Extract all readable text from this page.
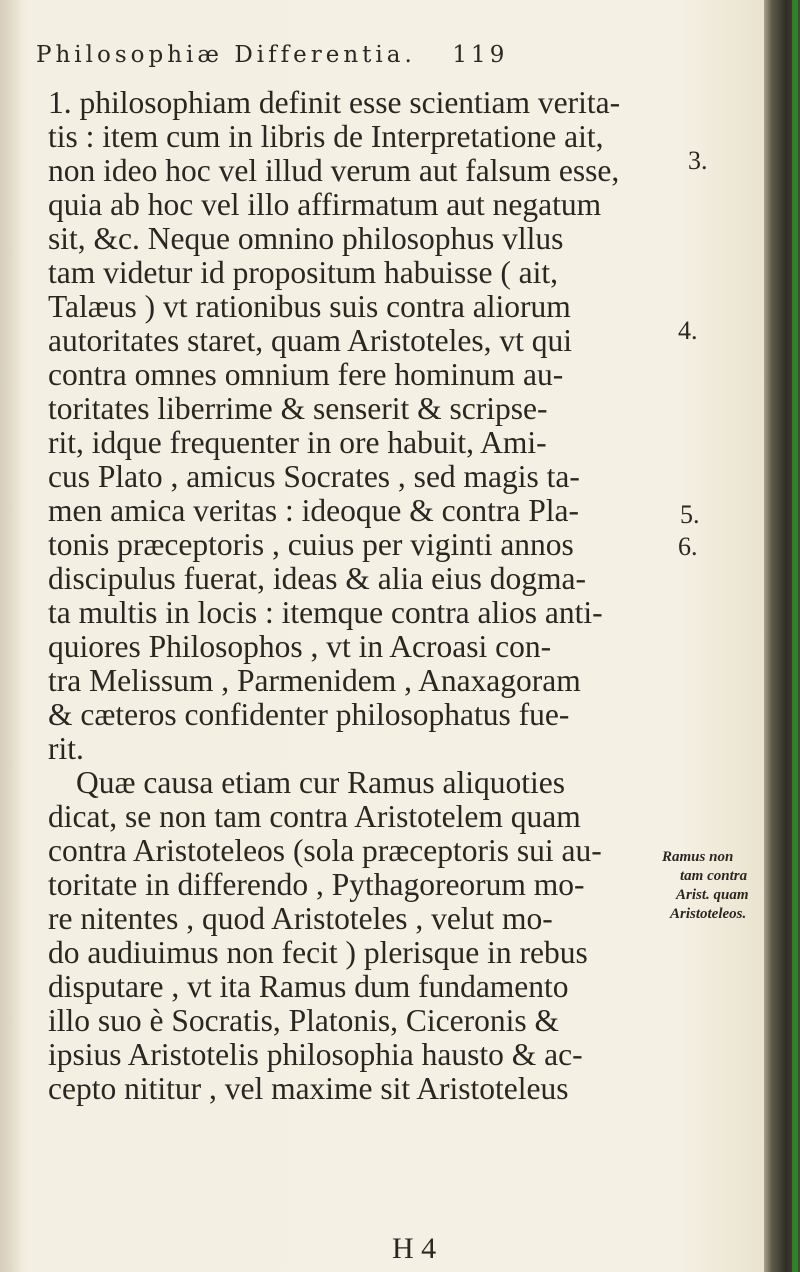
Philosophiæ Differentia. 119
1. philosophiam definit esse scientiam verita-
tis : item cum in libris de Interpretatione ait,
non ideo hoc vel illud verum aut falsum esse,
quia ab hoc vel illo affirmatum aut negatum
sit, &c. Neque omnino philosophus vllus
tam videtur id propositum habuisse ( ait,
Talæus ) vt rationibus suis contra aliorum
autoritates staret, quam Aristoteles, vt qui
contra omnes omnium fere hominum au-
toritates liberrime & senserit & scripse-
rit, idque frequenter in ore habuit, Ami-
cus Plato , amicus Socrates , sed magis ta-
men amica veritas : ideoque & contra Pla-
tonis præceptoris , cuius per viginti annos
discipulus fuerat, ideas & alia eius dogma-
ta multis in locis : itemque contra alios anti-
quiores Philosophos , vt in Acroasi con-
tra Melissum , Parmenidem , Anaxagoram
& cæteros confidenter philosophatus fue-
rit.
Quæ causa etiam cur Ramus aliquoties
dicat, se non tam contra Aristotelem quam
contra Aristoteleos (sola præceptoris sui au-
toritate in differendo , Pythagoreorum mo-
re nitentes , quod Aristoteles , velut mo-
do audiuimus non fecit ) plerisque in rebus
disputare , vt ita Ramus dum fundamento
illo suo è Socratis, Platonis, Ciceronis &
ipsius Aristotelis philosophia hausto & ac-
cepto nititur , vel maxime sit Aristoteleus
3.
4.
5.
6.
Ramus non
tam contra
Arist. quam
Aristoteleos.
H 4
